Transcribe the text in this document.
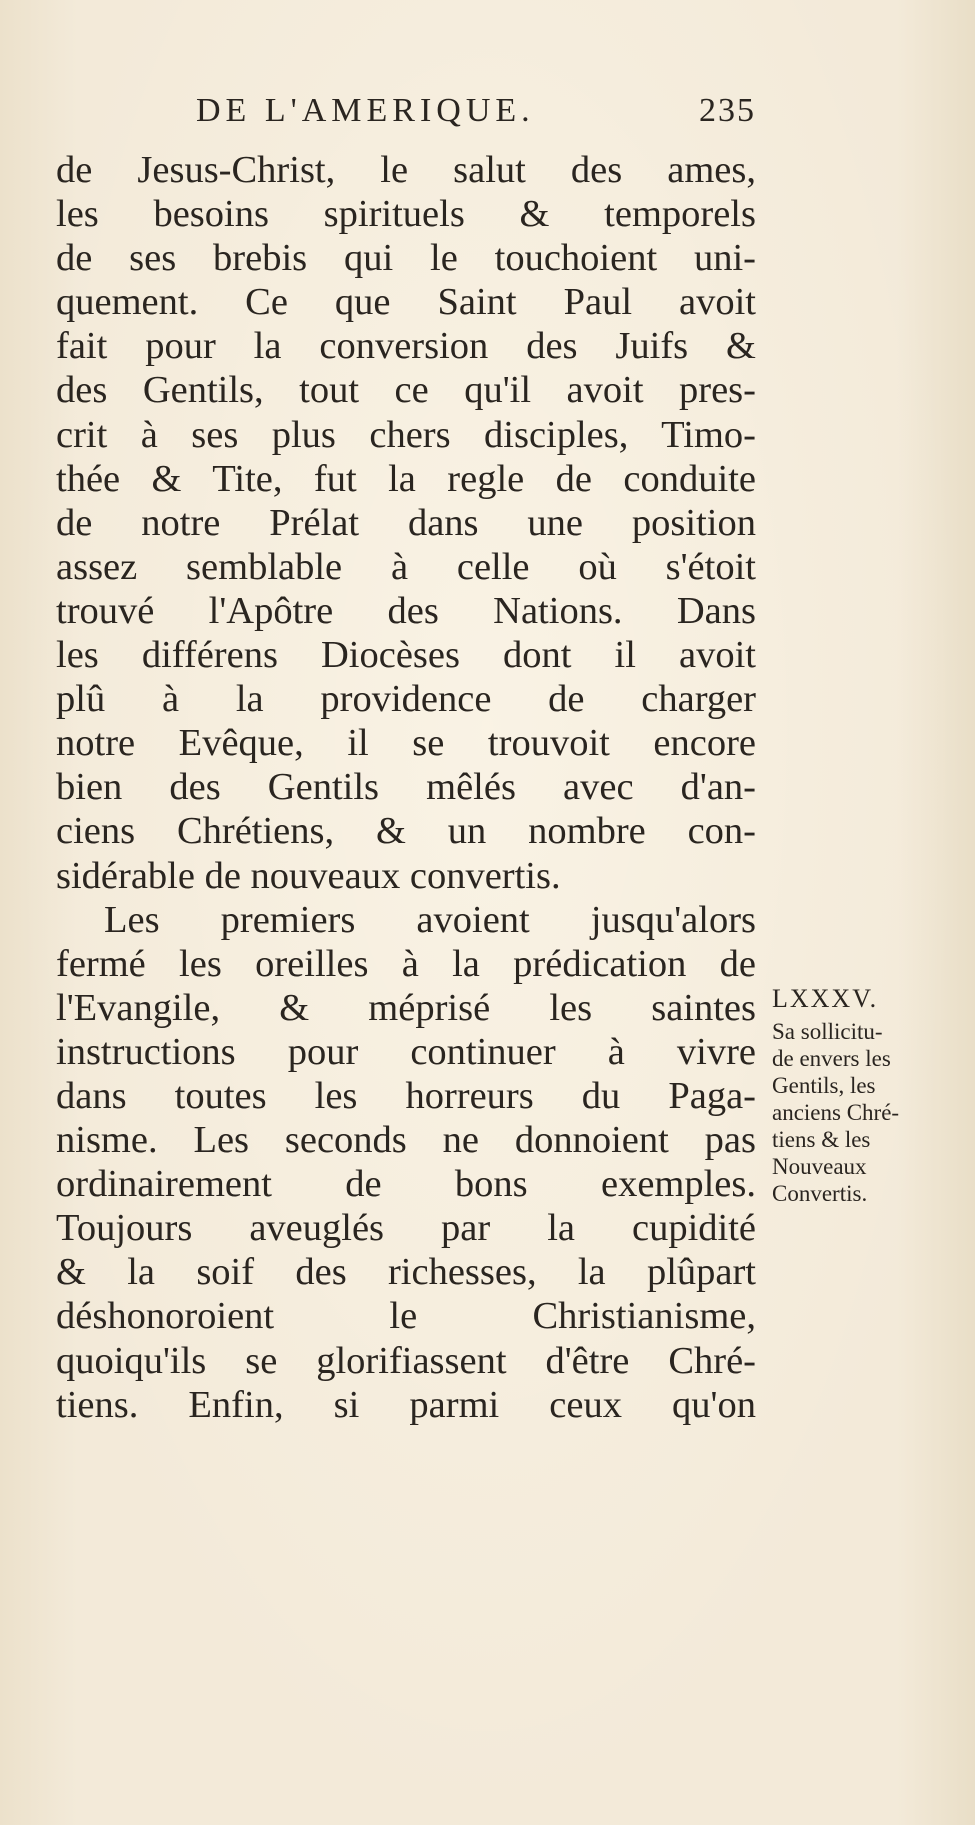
DE L'AMERIQUE.	235
de Jesus-Christ, le salut des ames,
les besoins spirituels & temporels
de ses brebis qui le touchoient uni-
quement. Ce que Saint Paul avoit
fait pour la conversion des Juifs &
des Gentils, tout ce qu'il avoit pres-
crit à ses plus chers disciples, Timo-
thée & Tite, fut la regle de conduite
de notre Prélat dans une position
assez semblable à celle où s'étoit
trouvé l'Apôtre des Nations. Dans
les différens Diocèses dont il avoit
plû à la providence de charger
notre Evêque, il se trouvoit encore
bien des Gentils mêlés avec d'an-
ciens Chrétiens, & un nombre con-
sidérable de nouveaux convertis.
Les premiers avoient jusqu'alors
fermé les oreilles à la prédication de
l'Evangile, & méprisé les saintes
instructions pour continuer à vivre
dans toutes les horreurs du Paga-
nisme. Les seconds ne donnoient pas
ordinairement de bons exemples.
Toujours aveuglés par la cupidité
& la soif des richesses, la plûpart
déshonoroient le Christianisme,
quoiqu'ils se glorifiassent d'être Chré-
tiens. Enfin, si parmi ceux qu'on
LXXXV.
Sa sollicitu-
de envers les
Gentils, les
anciens Chré-
tiens & les
Nouveaux
Convertis.
